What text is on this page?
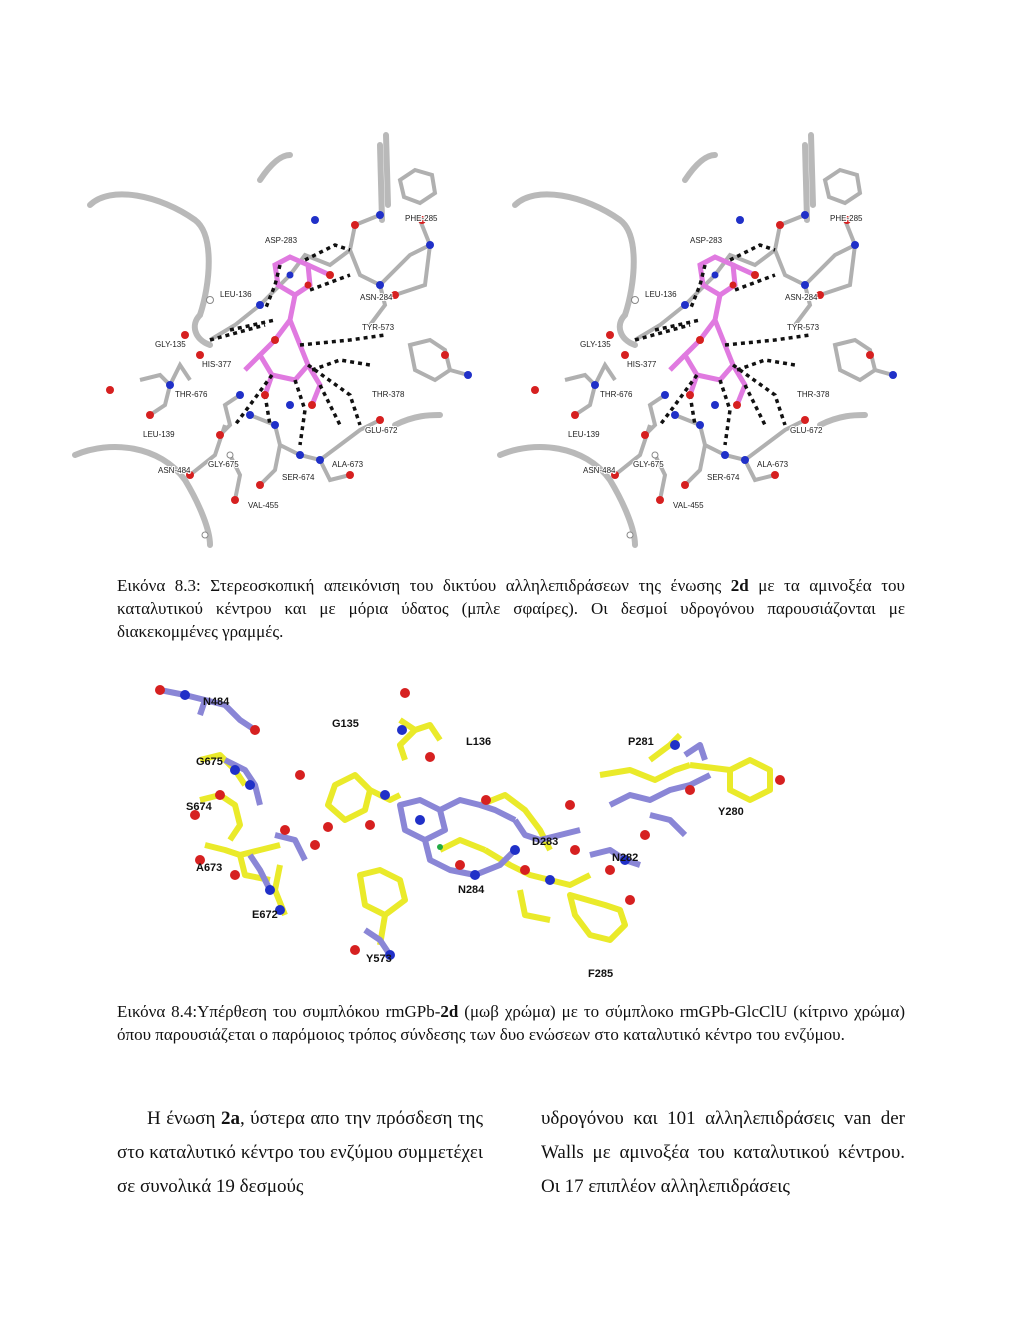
PHE-285
ASP-283
LEU-136	ASN-284
GLY-135
TYR-573
HIS-377
THR-676	THR-378
LEU-139	GLU-672
ASN-484
GLY-675	ALA-673
SER-674
VAL-455
PHE-285
ASP-283
LEU-136	ASN-284
GLY-135
TYR-573
HIS-377
THR-676	THR-378
LEU-139	GLU-672
ASN-484
GLY-675	ALA-673
SER-674
VAL-455
Εικόνα 8.3: Στερεοσκοπική απεικόνιση του δικτύου αλληλεπιδράσεων της ένωσης 2d με τα αμινοξέα του καταλυτικού κέντρου και με μόρια ύδατος (μπλε σφαίρες). Οι δεσμοί υδρογόνου παρουσιάζονται με διακεκομμένες γραμμές.
N484
G135
L136
G675
P281
S674	Y280
D283
N282
A673
N284
E672
Y573
F285
Εικόνα 8.4:Υπέρθεση του συμπλόκου rmGPb-2d (μωβ χρώμα) με το σύμπλοκο rmGPb-GlcClU (κίτρινο χρώμα) όπου παρουσιάζεται ο παρόμοιος τρόπος σύνδεσης των δυο ενώσεων στο καταλυτικό κέντρο του ενζύμου.

Η ένωση 2a, ύστερα απο την πρόσδεση της στο καταλυτικό κέντρο του ενζύμου συμμετέχει σε συνολικά 19 δεσμούς

υδρογόνου και 101 αλληλεπιδράσεις van der Walls με αμινοξέα του καταλυτικού κέντρου. Οι 17 επιπλέον αλληλεπιδράσεις
